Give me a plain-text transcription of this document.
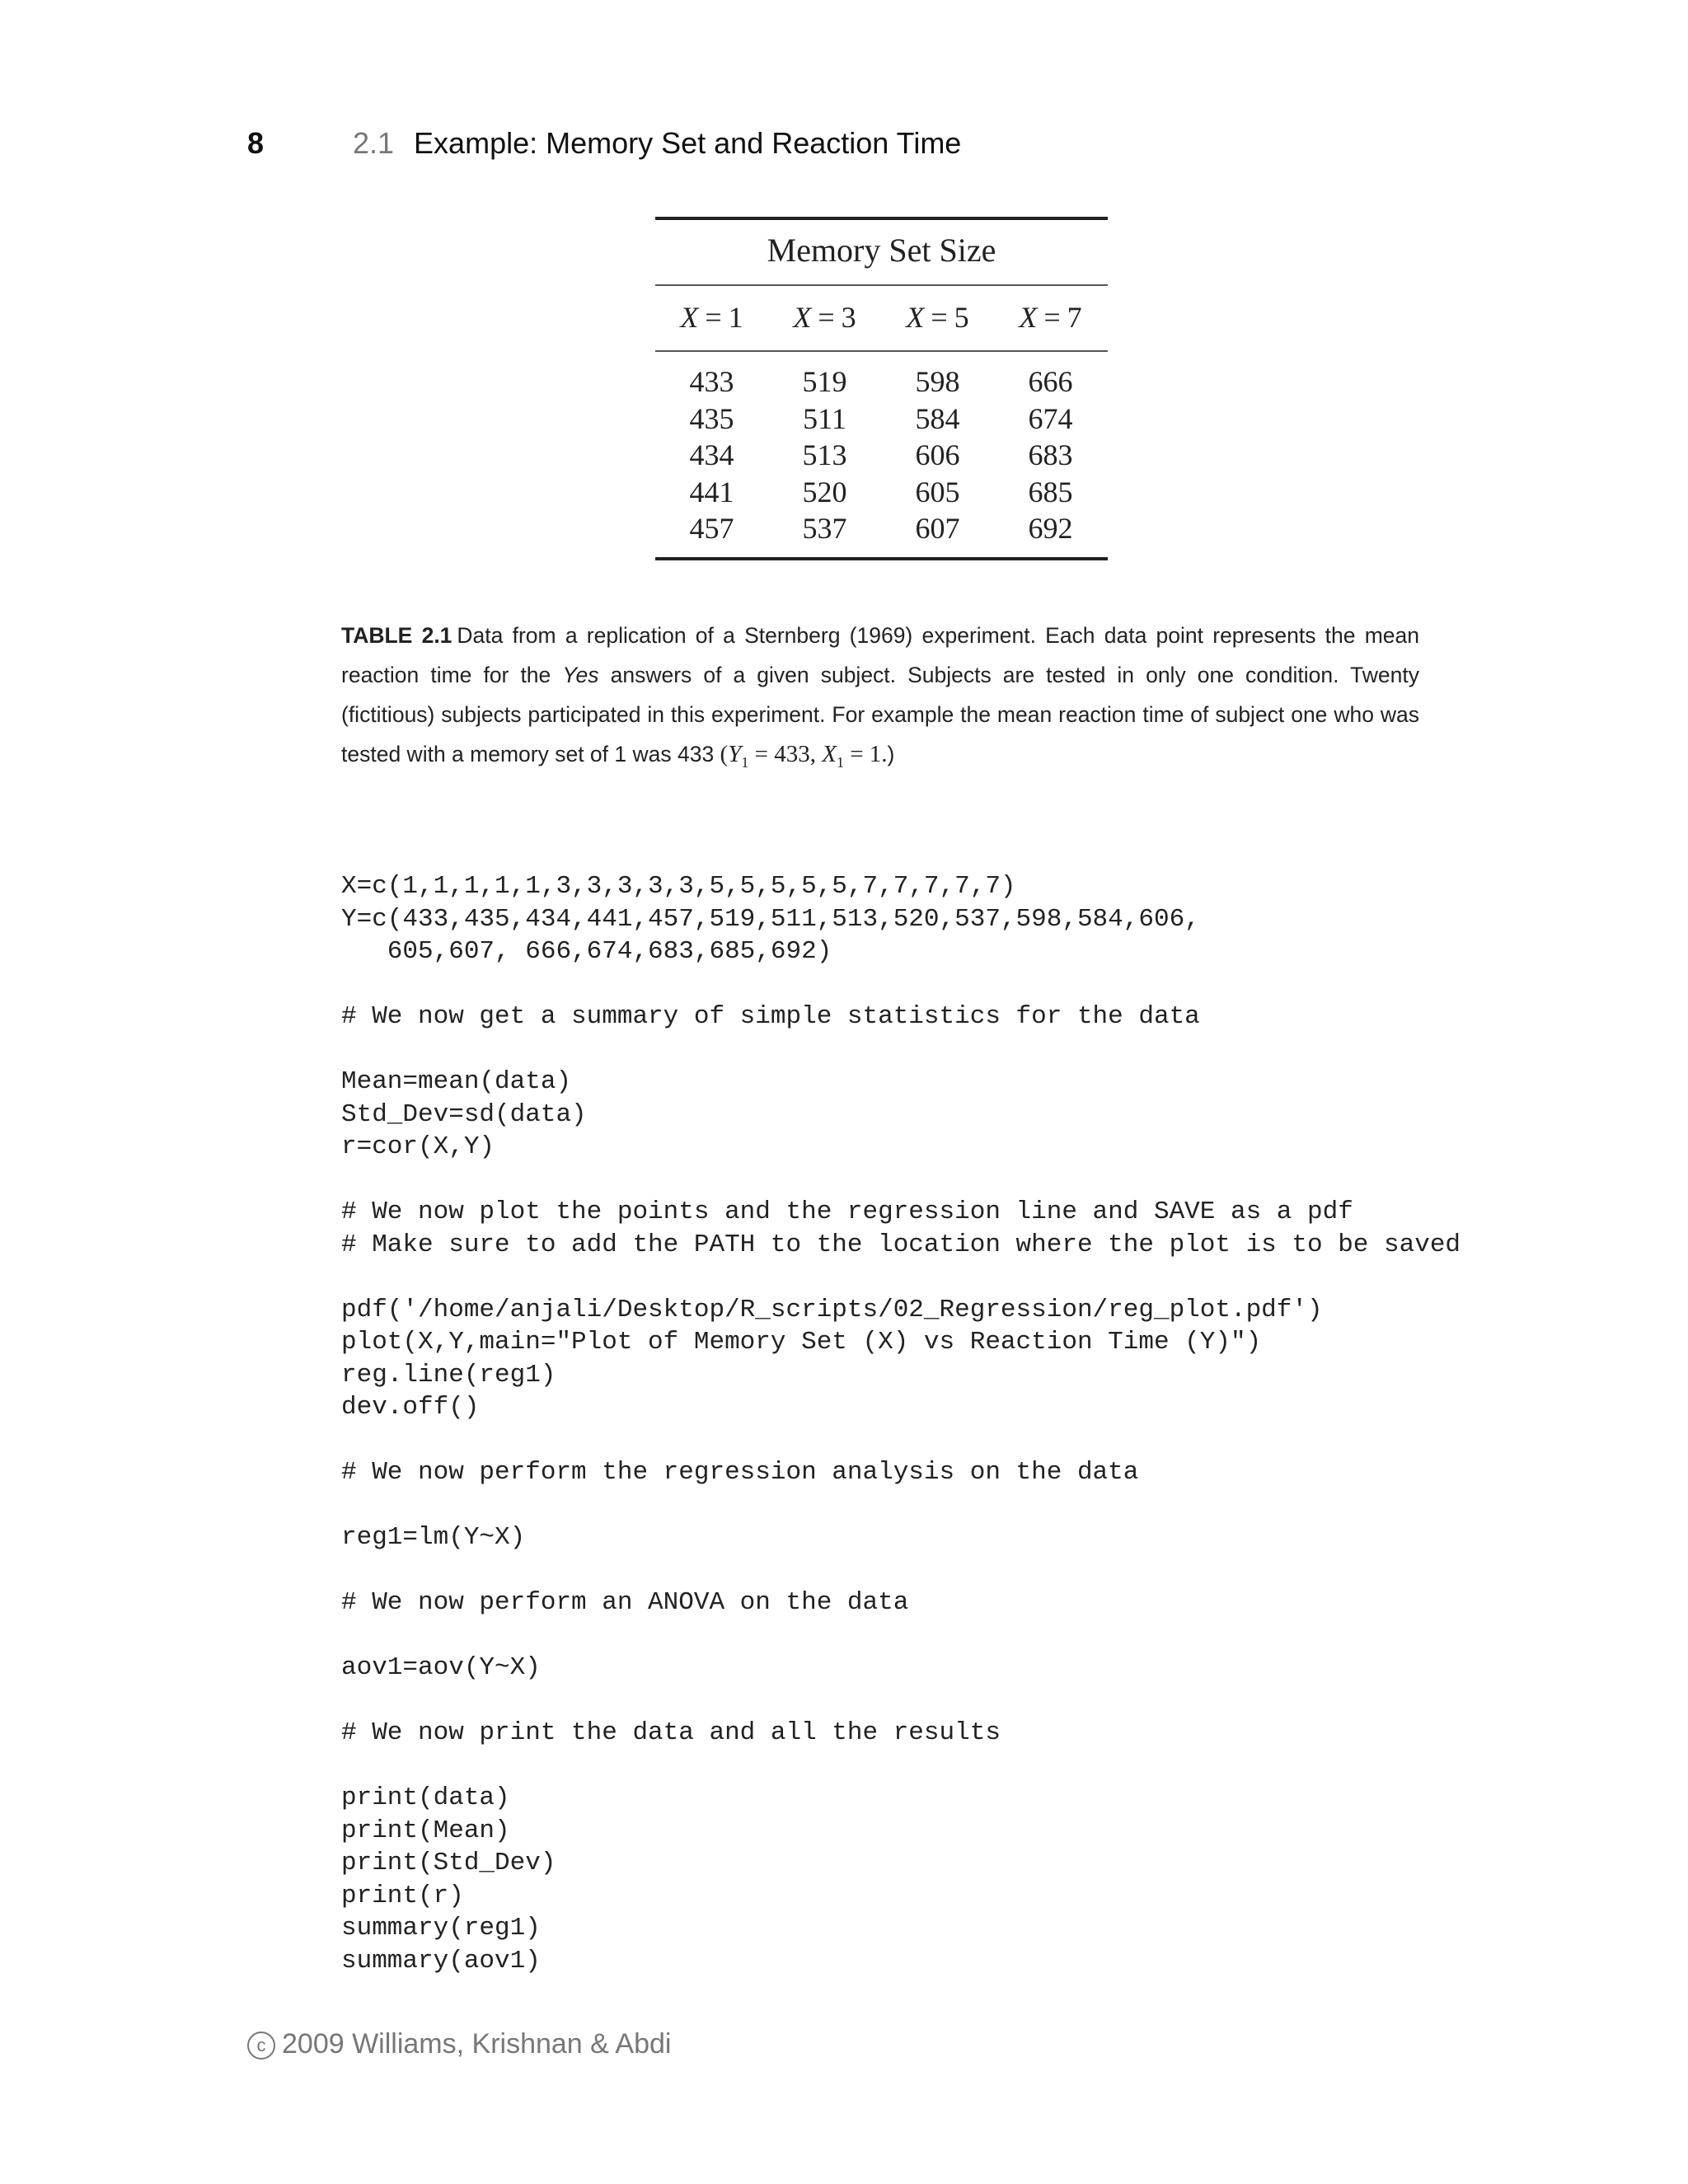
8	2.1 Example: Memory Set and Reaction Time
Memory Set Size
X = 1	X = 3	X = 5	X = 7
433	519	598	666
435	511	584	674
434	513	606	683
441	520	605	685
457	537	607	692
TABLE 2.1 Data from a replication of a Sternberg (1969) experiment. Each data point represents the mean reaction time for the Yes answers of a given subject. Subjects are tested in only one condition. Twenty (fictitious) subjects participated in this experiment. For example the mean reaction time of subject one who was tested with a memory set of 1 was 433 ($Y_1 = 433$, $X_1 = 1$.)
X=c(1,1,1,1,1,3,3,3,3,3,5,5,5,5,5,7,7,7,7,7)
Y=c(433,435,434,441,457,519,511,513,520,537,598,584,606,
605,607, 666,674,683,685,692)
# We now get a summary of simple statistics for the data
Mean=mean(data)
Std_Dev=sd(data)
r=cor(X,Y)
# We now plot the points and the regression line and SAVE as a pdf
# Make sure to add the PATH to the location where the plot is to be saved
pdf('/home/anjali/Desktop/R_scripts/02_Regression/reg_plot.pdf')
plot(X,Y,main="Plot of Memory Set (X) vs Reaction Time (Y)")
reg.line(reg1)
dev.off()
# We now perform the regression analysis on the data
reg1=lm(Y~X)
# We now perform an ANOVA on the data
aov1=aov(Y~X)
# We now print the data and all the results
print(data)
print(Mean)
print(Std_Dev)
print(r)
summary(reg1)
summary(aov1)
c 2009 Williams, Krishnan & Abdi
